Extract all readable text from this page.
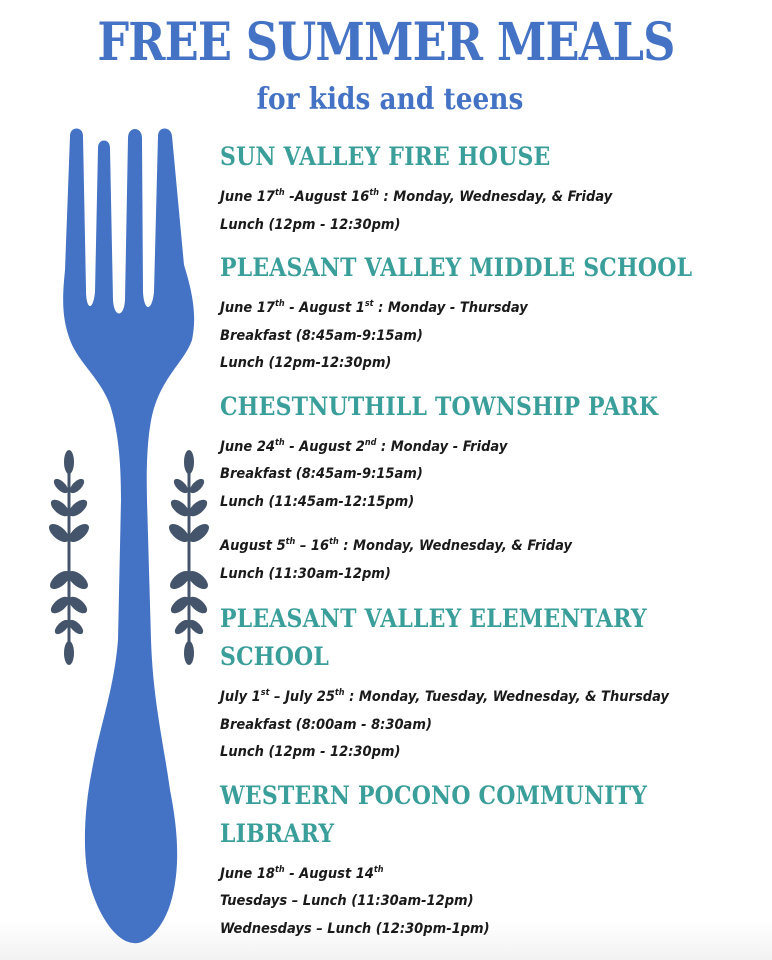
FREE SUMMER MEALS
for kids and teens
SUN VALLEY FIRE HOUSE
June 17th -August 16th : Monday, Wednesday, & Friday
Lunch (12pm - 12:30pm)
PLEASANT VALLEY MIDDLE SCHOOL
June 17th - August 1st : Monday - Thursday
Breakfast (8:45am-9:15am)
Lunch (12pm-12:30pm)
CHESTNUTHILL TOWNSHIP PARK
June 24th - August 2nd : Monday - Friday
Breakfast (8:45am-9:15am)
Lunch (11:45am-12:15pm)
August 5th – 16th : Monday, Wednesday, & Friday
Lunch (11:30am-12pm)
PLEASANT VALLEY ELEMENTARY
SCHOOL
July 1st – July 25th : Monday, Tuesday, Wednesday, & Thursday
Breakfast (8:00am - 8:30am)
Lunch (12pm - 12:30pm)
WESTERN POCONO COMMUNITY
LIBRARY
June 18th - August 14th
Tuesdays – Lunch (11:30am-12pm)
Wednesdays – Lunch (12:30pm-1pm)
